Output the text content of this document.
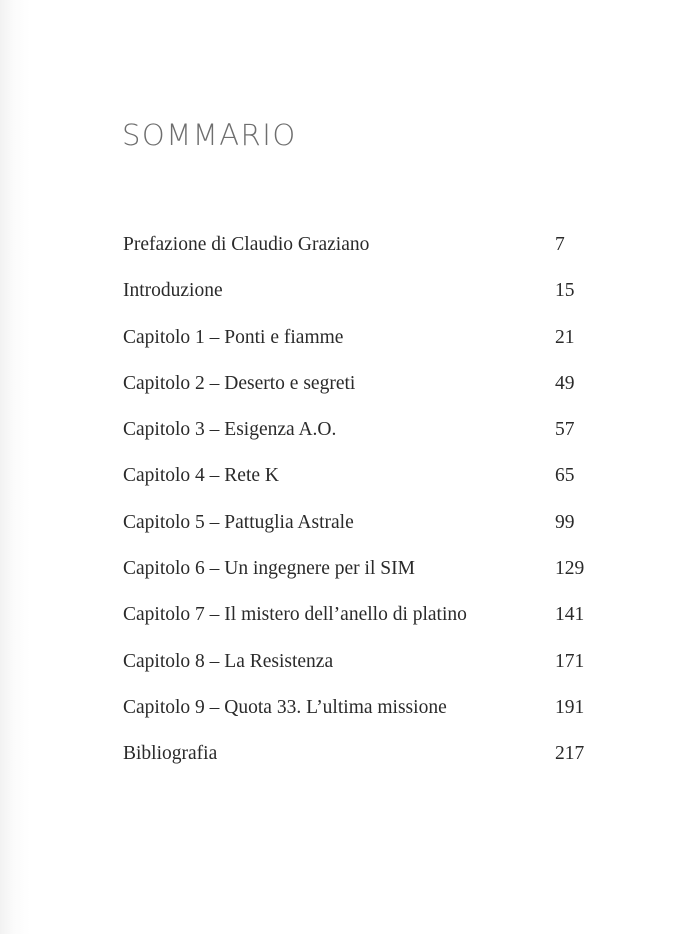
SOMMARIO
Prefazione di Claudio Graziano	7
Introduzione	15
Capitolo 1 – Ponti e fiamme	21
Capitolo 2 – Deserto e segreti	49
Capitolo 3 – Esigenza A.O.	57
Capitolo 4 – Rete K	65
Capitolo 5 – Pattuglia Astrale	99
Capitolo 6 – Un ingegnere per il SIM	129
Capitolo 7 – Il mistero dell’anello di platino	141
Capitolo 8 – La Resistenza	171
Capitolo 9 – Quota 33. L’ultima missione	191
Bibliografia	217
